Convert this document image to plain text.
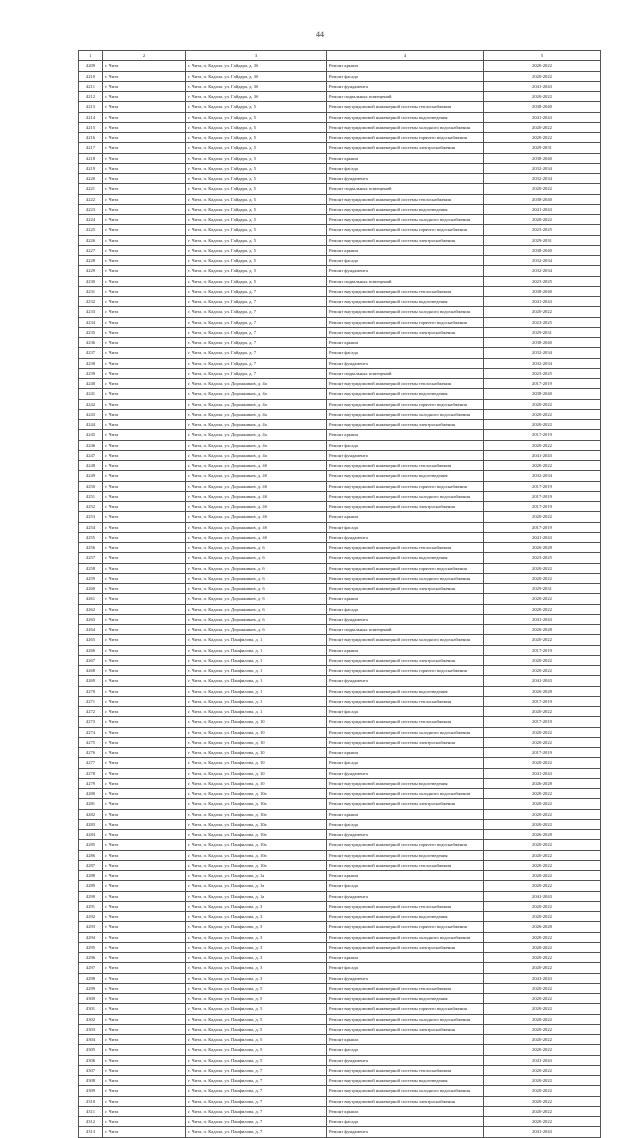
44
1	2	3	4	5
4209	г. Чита	г. Чита, п. Кадала, ул. Гайдара, д. 3б	Ремонт крыши	2020-2022
4210	г. Чита	г. Чита, п. Кадала, ул. Гайдара, д. 3б	Ремонт фасада	2020-2022
4211	г. Чита	г. Чита, п. Кадала, ул. Гайдара, д. 3б	Ремонт фундамента	2041-2043
4212	г. Чита	г. Чита, п. Кадала, ул. Гайдара, д. 3б	Ремонт подвальных помещений	2020-2022
4213	г. Чита	г. Чита, п. Кадала, ул. Гайдара, д. 5	Ремонт внутридомовой инженерной системы теплоснабжения	2038-2040
4214	г. Чита	г. Чита, п. Кадала, ул. Гайдара, д. 5	Ремонт внутридомовой инженерной системы водоотведения	2041-2043
4215	г. Чита	г. Чита, п. Кадала, ул. Гайдара, д. 5	Ремонт внутридомовой инженерной системы холодного водоснабжения	2020-2022
4216	г. Чита	г. Чита, п. Кадала, ул. Гайдара, д. 5	Ремонт внутридомовой инженерной системы горячего водоснабжения	2020-2022
4217	г. Чита	г. Чита, п. Кадала, ул. Гайдара, д. 5	Ремонт внутридомовой инженерной системы электроснабжения	2029-2031
4218	г. Чита	г. Чита, п. Кадала, ул. Гайдара, д. 5	Ремонт крыши	2038-2040
4219	г. Чита	г. Чита, п. Кадала, ул. Гайдара, д. 5	Ремонт фасада	2032-2034
4220	г. Чита	г. Чита, п. Кадала, ул. Гайдара, д. 5	Ремонт фундамента	2032-2034
4221	г. Чита	г. Чита, п. Кадала, ул. Гайдара, д. 5	Ремонт подвальных помещений	2020-2022
4222	г. Чита	г. Чита, п. Кадала, ул. Гайдара, д. 5	Ремонт внутридомовой инженерной системы теплоснабжения	2038-2040
4223	г. Чита	г. Чита, п. Кадала, ул. Гайдара, д. 5	Ремонт внутридомовой инженерной системы водоотведения	2041-2043
4224	г. Чита	г. Чита, п. Кадала, ул. Гайдара, д. 5	Ремонт внутридомовой инженерной системы холодного водоснабжения	2020-2022
4225	г. Чита	г. Чита, п. Кадала, ул. Гайдара, д. 5	Ремонт внутридомовой инженерной системы горячего водоснабжения	2023-2025
4226	г. Чита	г. Чита, п. Кадала, ул. Гайдара, д. 5	Ремонт внутридомовой инженерной системы электроснабжения	2029-2031
4227	г. Чита	г. Чита, п. Кадала, ул. Гайдара, д. 5	Ремонт крыши	2038-2040
4228	г. Чита	г. Чита, п. Кадала, ул. Гайдара, д. 5	Ремонт фасада	2032-2034
4229	г. Чита	г. Чита, п. Кадала, ул. Гайдара, д. 5	Ремонт фундамента	2032-2034
4230	г. Чита	г. Чита, п. Кадала, ул. Гайдара, д. 5	Ремонт подвальных помещений	2023-2025
4231	г. Чита	г. Чита, п. Кадала, ул. Гайдара, д. 7	Ремонт внутридомовой инженерной системы теплоснабжения	2038-2040
4232	г. Чита	г. Чита, п. Кадала, ул. Гайдара, д. 7	Ремонт внутридомовой инженерной системы водоотведения	2041-2043
4233	г. Чита	г. Чита, п. Кадала, ул. Гайдара, д. 7	Ремонт внутридомовой инженерной системы холодного водоснабжения	2020-2022
4234	г. Чита	г. Чита, п. Кадала, ул. Гайдара, д. 7	Ремонт внутридомовой инженерной системы горячего водоснабжения	2023-2025
4235	г. Чита	г. Чита, п. Кадала, ул. Гайдара, д. 7	Ремонт внутридомовой инженерной системы электроснабжения	2029-2031
4236	г. Чита	г. Чита, п. Кадала, ул. Гайдара, д. 7	Ремонт крыши	2038-2040
4237	г. Чита	г. Чита, п. Кадала, ул. Гайдара, д. 7	Ремонт фасада	2032-2034
4238	г. Чита	г. Чита, п. Кадала, ул. Гайдара, д. 7	Ремонт фундамента	2032-2034
4239	г. Чита	г. Чита, п. Кадала, ул. Гайдара, д. 7	Ремонт подвальных помещений	2023-2025
4240	г. Чита	г. Чита, п. Кадала, ул. Дорожников, д. 4а	Ремонт внутридомовой инженерной системы теплоснабжения	2017-2019
4241	г. Чита	г. Чита, п. Кадала, ул. Дорожников, д. 4а	Ремонт внутридомовой инженерной системы водоотведения	2038-2040
4242	г. Чита	г. Чита, п. Кадала, ул. Дорожников, д. 4а	Ремонт внутридомовой инженерной системы горячего водоснабжения	2020-2022
4243	г. Чита	г. Чита, п. Кадала, ул. Дорожников, д. 4а	Ремонт внутридомовой инженерной системы холодного водоснабжения	2020-2022
4244	г. Чита	г. Чита, п. Кадала, ул. Дорожников, д. 4а	Ремонт внутридомовой инженерной системы электроснабжения	2020-2022
4245	г. Чита	г. Чита, п. Кадала, ул. Дорожников, д. 4а	Ремонт крыши	2017-2019
4246	г. Чита	г. Чита, п. Кадала, ул. Дорожников, д. 4а	Ремонт фасада	2020-2022
4247	г. Чита	г. Чита, п. Кадала, ул. Дорожников, д. 4а	Ремонт фундамента	2041-2043
4248	г. Чита	г. Чита, п. Кадала, ул. Дорожников, д. 4б	Ремонт внутридомовой инженерной системы теплоснабжения	2020-2022
4249	г. Чита	г. Чита, п. Кадала, ул. Дорожников, д. 4б	Ремонт внутридомовой инженерной системы водоотведения	2032-2034
4250	г. Чита	г. Чита, п. Кадала, ул. Дорожников, д. 4б	Ремонт внутридомовой инженерной системы горячего водоснабжения	2017-2019
4251	г. Чита	г. Чита, п. Кадала, ул. Дорожников, д. 4б	Ремонт внутридомовой инженерной системы холодного водоснабжения	2017-2019
4252	г. Чита	г. Чита, п. Кадала, ул. Дорожников, д. 4б	Ремонт внутридомовой инженерной системы электроснабжения	2017-2019
4253	г. Чита	г. Чита, п. Кадала, ул. Дорожников, д. 4б	Ремонт крыши	2020-2022
4254	г. Чита	г. Чита, п. Кадала, ул. Дорожников, д. 4б	Ремонт фасада	2017-2019
4255	г. Чита	г. Чита, п. Кадала, ул. Дорожников, д. 4б	Ремонт фундамента	2041-2043
4256	г. Чита	г. Чита, п. Кадала, ул. Дорожников, д. 6	Ремонт внутридомовой инженерной системы теплоснабжения	2026-2028
4257	г. Чита	г. Чита, п. Кадала, ул. Дорожников, д. 6	Ремонт внутридомовой инженерной системы водоотведения	2023-2025
4258	г. Чита	г. Чита, п. Кадала, ул. Дорожников, д. 6	Ремонт внутридомовой инженерной системы горячего водоснабжения	2020-2022
4259	г. Чита	г. Чита, п. Кадала, ул. Дорожников, д. 6	Ремонт внутридомовой инженерной системы холодного водоснабжения	2020-2022
4260	г. Чита	г. Чита, п. Кадала, ул. Дорожников, д. 6	Ремонт внутридомовой инженерной системы электроснабжения	2029-2031
4261	г. Чита	г. Чита, п. Кадала, ул. Дорожников, д. 6	Ремонт крыши	2020-2022
4262	г. Чита	г. Чита, п. Кадала, ул. Дорожников, д. 6	Ремонт фасада	2020-2022
4263	г. Чита	г. Чита, п. Кадала, ул. Дорожников, д. 6	Ремонт фундамента	2041-2043
4264	г. Чита	г. Чита, п. Кадала, ул. Дорожников, д. 6	Ремонт подвальных помещений	2026-2028
4265	г. Чита	г. Чита, п. Кадала, ул. Панфилова, д. 1	Ремонт внутридомовой инженерной системы холодного водоснабжения	2020-2022
4266	г. Чита	г. Чита, п. Кадала, ул. Панфилова, д. 1	Ремонт крыши	2017-2019
4267	г. Чита	г. Чита, п. Кадала, ул. Панфилова, д. 1	Ремонт внутридомовой инженерной системы электроснабжения	2020-2022
4268	г. Чита	г. Чита, п. Кадала, ул. Панфилова, д. 1	Ремонт внутридомовой инженерной системы горячего водоснабжения	2020-2022
4269	г. Чита	г. Чита, п. Кадала, ул. Панфилова, д. 1	Ремонт фундамента	2041-2043
4270	г. Чита	г. Чита, п. Кадала, ул. Панфилова, д. 1	Ремонт внутридомовой инженерной системы водоотведения	2026-2028
4271	г. Чита	г. Чита, п. Кадала, ул. Панфилова, д. 1	Ремонт внутридомовой инженерной системы теплоснабжения	2017-2019
4272	г. Чита	г. Чита, п. Кадала, ул. Панфилова, д. 1	Ремонт фасада	2020-2022
4273	г. Чита	г. Чита, п. Кадала, ул. Панфилова, д. 10	Ремонт внутридомовой инженерной системы теплоснабжения	2017-2019
4274	г. Чита	г. Чита, п. Кадала, ул. Панфилова, д. 10	Ремонт внутридомовой инженерной системы холодного водоснабжения	2020-2022
4275	г. Чита	г. Чита, п. Кадала, ул. Панфилова, д. 10	Ремонт внутридомовой инженерной системы электроснабжения	2020-2022
4276	г. Чита	г. Чита, п. Кадала, ул. Панфилова, д. 10	Ремонт крыши	2017-2019
4277	г. Чита	г. Чита, п. Кадала, ул. Панфилова, д. 10	Ремонт фасада	2020-2022
4278	г. Чита	г. Чита, п. Кадала, ул. Панфилова, д. 10	Ремонт фундамента	2041-2043
4279	г. Чита	г. Чита, п. Кадала, ул. Панфилова, д. 10	Ремонт внутридомовой инженерной системы водоотведения	2026-2028
4280	г. Чита	г. Чита, п. Кадала, ул. Панфилова, д. 10а	Ремонт внутридомовой инженерной системы холодного водоснабжения	2020-2022
4281	г. Чита	г. Чита, п. Кадала, ул. Панфилова, д. 10а	Ремонт внутридомовой инженерной системы электроснабжения	2020-2022
4282	г. Чита	г. Чита, п. Кадала, ул. Панфилова, д. 10а	Ремонт крыши	2020-2022
4283	г. Чита	г. Чита, п. Кадала, ул. Панфилова, д. 10а	Ремонт фасада	2020-2022
4284	г. Чита	г. Чита, п. Кадала, ул. Панфилова, д. 10а	Ремонт фундамента	2026-2028
4285	г. Чита	г. Чита, п. Кадала, ул. Панфилова, д. 10а	Ремонт внутридомовой инженерной системы горячего водоснабжения	2020-2022
4286	г. Чита	г. Чита, п. Кадала, ул. Панфилова, д. 10а	Ремонт внутридомовой инженерной системы водоотведения	2020-2022
4287	г. Чита	г. Чита, п. Кадала, ул. Панфилова, д. 10а	Ремонт внутридомовой инженерной системы теплоснабжения	2020-2022
4288	г. Чита	г. Чита, п. Кадала, ул. Панфилова, д. 1а	Ремонт крыши	2020-2022
4289	г. Чита	г. Чита, п. Кадала, ул. Панфилова, д. 1а	Ремонт фасада	2020-2022
4290	г. Чита	г. Чита, п. Кадала, ул. Панфилова, д. 1а	Ремонт фундамента	2041-2043
4291	г. Чита	г. Чита, п. Кадала, ул. Панфилова, д. 3	Ремонт внутридомовой инженерной системы теплоснабжения	2020-2022
4292	г. Чита	г. Чита, п. Кадала, ул. Панфилова, д. 3	Ремонт внутридомовой инженерной системы водоотведения	2020-2022
4293	г. Чита	г. Чита, п. Кадала, ул. Панфилова, д. 3	Ремонт внутридомовой инженерной системы горячего водоснабжения	2026-2028
4294	г. Чита	г. Чита, п. Кадала, ул. Панфилова, д. 3	Ремонт внутридомовой инженерной системы холодного водоснабжения	2020-2022
4295	г. Чита	г. Чита, п. Кадала, ул. Панфилова, д. 3	Ремонт внутридомовой инженерной системы электроснабжения	2020-2022
4296	г. Чита	г. Чита, п. Кадала, ул. Панфилова, д. 3	Ремонт крыши	2020-2022
4297	г. Чита	г. Чита, п. Кадала, ул. Панфилова, д. 3	Ремонт фасада	2020-2022
4298	г. Чита	г. Чита, п. Кадала, ул. Панфилова, д. 3	Ремонт фундамента	2041-2043
4299	г. Чита	г. Чита, п. Кадала, ул. Панфилова, д. 5	Ремонт внутридомовой инженерной системы теплоснабжения	2020-2022
4300	г. Чита	г. Чита, п. Кадала, ул. Панфилова, д. 5	Ремонт внутридомовой инженерной системы водоотведения	2020-2022
4301	г. Чита	г. Чита, п. Кадала, ул. Панфилова, д. 5	Ремонт внутридомовой инженерной системы горячего водоснабжения	2020-2022
4302	г. Чита	г. Чита, п. Кадала, ул. Панфилова, д. 5	Ремонт внутридомовой инженерной системы холодного водоснабжения	2020-2022
4303	г. Чита	г. Чита, п. Кадала, ул. Панфилова, д. 5	Ремонт внутридомовой инженерной системы электроснабжения	2020-2022
4304	г. Чита	г. Чита, п. Кадала, ул. Панфилова, д. 5	Ремонт крыши	2020-2022
4305	г. Чита	г. Чита, п. Кадала, ул. Панфилова, д. 5	Ремонт фасада	2020-2022
4306	г. Чита	г. Чита, п. Кадала, ул. Панфилова, д. 5	Ремонт фундамента	2041-2043
4307	г. Чита	г. Чита, п. Кадала, ул. Панфилова, д. 7	Ремонт внутридомовой инженерной системы теплоснабжения	2020-2022
4308	г. Чита	г. Чита, п. Кадала, ул. Панфилова, д. 7	Ремонт внутридомовой инженерной системы водоотведения	2020-2022
4309	г. Чита	г. Чита, п. Кадала, ул. Панфилова, д. 7	Ремонт внутридомовой инженерной системы холодного водоснабжения	2020-2022
4310	г. Чита	г. Чита, п. Кадала, ул. Панфилова, д. 7	Ремонт внутридомовой инженерной системы электроснабжения	2020-2022
4311	г. Чита	г. Чита, п. Кадала, ул. Панфилова, д. 7	Ремонт крыши	2020-2022
4312	г. Чита	г. Чита, п. Кадала, ул. Панфилова, д. 7	Ремонт фасада	2020-2022
4313	г. Чита	г. Чита, п. Кадала, ул. Панфилова, д. 7	Ремонт фундамента	2041-2043
